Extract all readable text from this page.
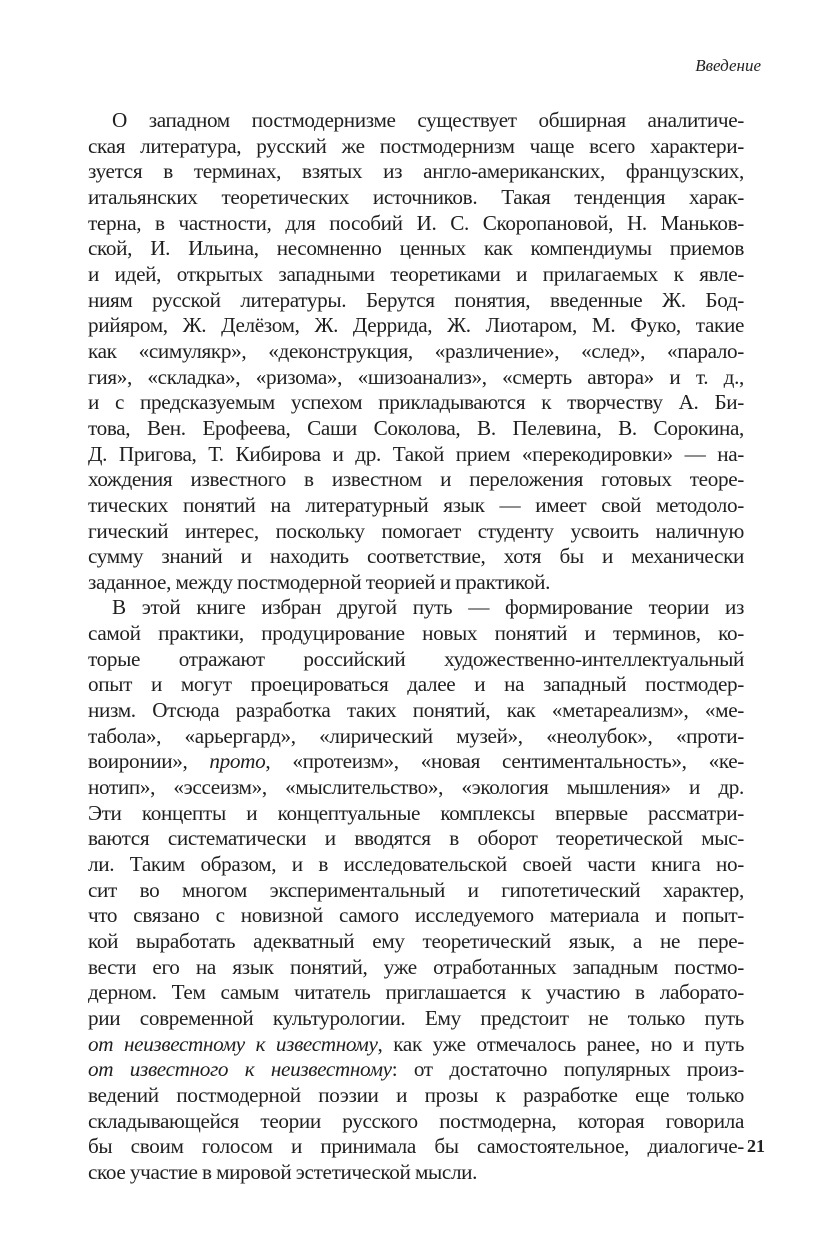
Введение
О западном постмодернизме существует обширная аналитиче-
ская литература, русский же постмодернизм чаще всего характери-
зуется в терминах, взятых из англо-американских, французских,
итальянских теоретических источников. Такая тенденция харак-
терна, в частности, для пособий И. С. Скоропановой, Н. Маньков-
ской, И. Ильина, несомненно ценных как компендиумы приемов
и идей, открытых западными теоретиками и прилагаемых к явле-
ниям русской литературы. Берутся понятия, введенные Ж. Бод-
рийяром, Ж. Делёзом, Ж. Деррида, Ж. Лиотаром, М. Фуко, такие
как «симулякр», «деконструкция, «различение», «след», «парало-
гия», «складка», «ризома», «шизоанализ», «смерть автора» и т. д.,
и с предсказуемым успехом прикладываются к творчеству А. Би-
това, Вен. Ерофеева, Саши Соколова, В. Пелевина, В. Сорокина,
Д. Пригова, Т. Кибирова и др. Такой прием «перекодировки» — на-
хождения известного в известном и переложения готовых теоре-
тических понятий на литературный язык — имеет свой методоло-
гический интерес, поскольку помогает студенту усвоить наличную
сумму знаний и находить соответствие, хотя бы и механически
заданное, между постмодерной теорией и практикой.
В этой книге избран другой путь — формирование теории из
самой практики, продуцирование новых понятий и терминов, ко-
торые отражают российский художественно-интеллектуальный
опыт и могут проецироваться далее и на западный постмодер-
низм. Отсюда разработка таких понятий, как «метареализм», «ме-
табола», «арьергард», «лирический музей», «неолубок», «проти-
воиронии», прото, «протеизм», «новая сентиментальность», «ке-
нотип», «эссеизм», «мыслительство», «экология мышления» и др.
Эти концепты и концептуальные комплексы впервые рассматри-
ваются систематически и вводятся в оборот теоретической мыс-
ли. Таким образом, и в исследовательской своей части книга но-
сит во многом экспериментальный и гипотетический характер,
что связано с новизной самого исследуемого материала и попыт-
кой выработать адекватный ему теоретический язык, а не пере-
вести его на язык понятий, уже отработанных западным постмо-
дерном. Тем самым читатель приглашается к участию в лаборато-
рии современной культурологии. Ему предстоит не только путь
от неизвестному к известному, как уже отмечалось ранее, но и путь
от известного к неизвестному: от достаточно популярных произ-
ведений постмодерной поэзии и прозы к разработке еще только
складывающейся теории русского постмодерна, которая говорила
бы своим голосом и принимала бы самостоятельное, диалогиче-
ское участие в мировой эстетической мысли.
21
